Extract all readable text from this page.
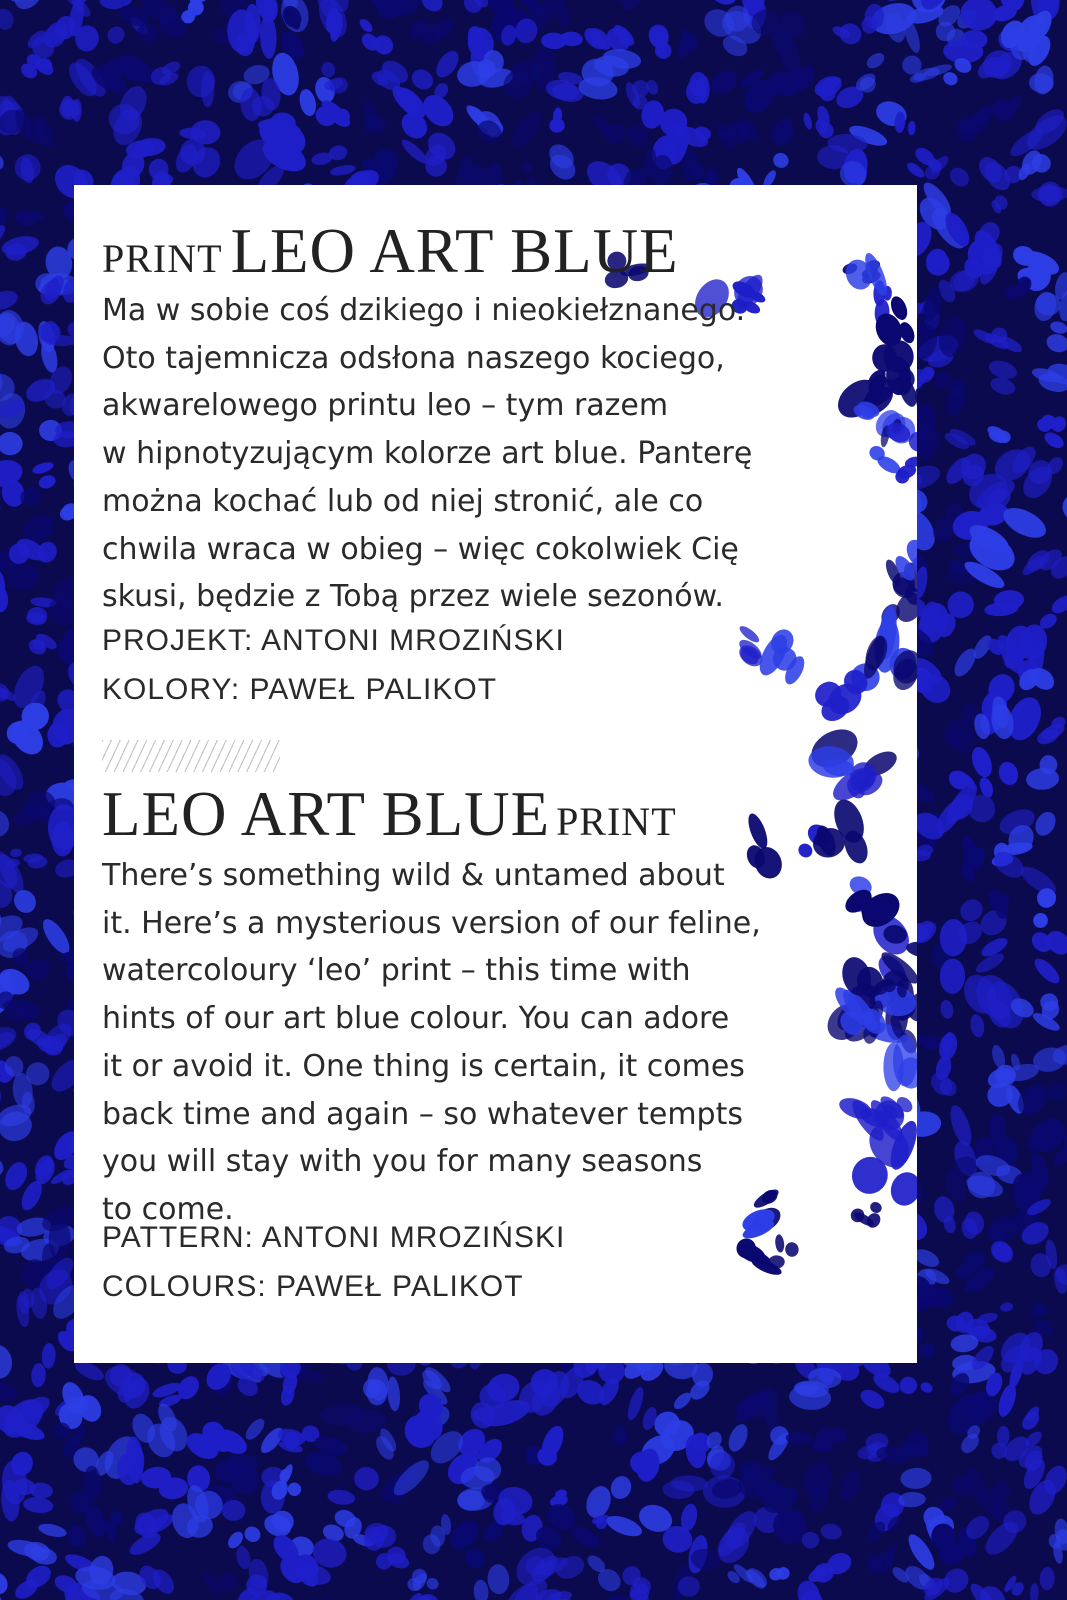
PRINT LEO ART BLUE

Ma w sobie coś dzikiego i nieokiełznanego.
Oto tajemnicza odsłona naszego kociego,
akwarelowego printu leo – tym razem
w hipnotyzującym kolorze art blue. Panterę
można kochać lub od niej stronić, ale co
chwila wraca w obieg – więc cokolwiek Cię
skusi, będzie z Tobą przez wiele sezonów.

PROJEKT: ANTONI MROZIŃSKI

KOLORY: PAWEŁ PALIKOT

LEO ART BLUE PRINT

There’s something wild & untamed about
it. Here’s a mysterious version of our feline,
watercoloury ‘leo’ print – this time with
hints of our art blue colour. You can adore
it or avoid it. One thing is certain, it comes
back time and again – so whatever tempts
you will stay with you for many seasons
to come.

PATTERN: ANTONI MROZIŃSKI

COLOURS: PAWEŁ PALIKOT
